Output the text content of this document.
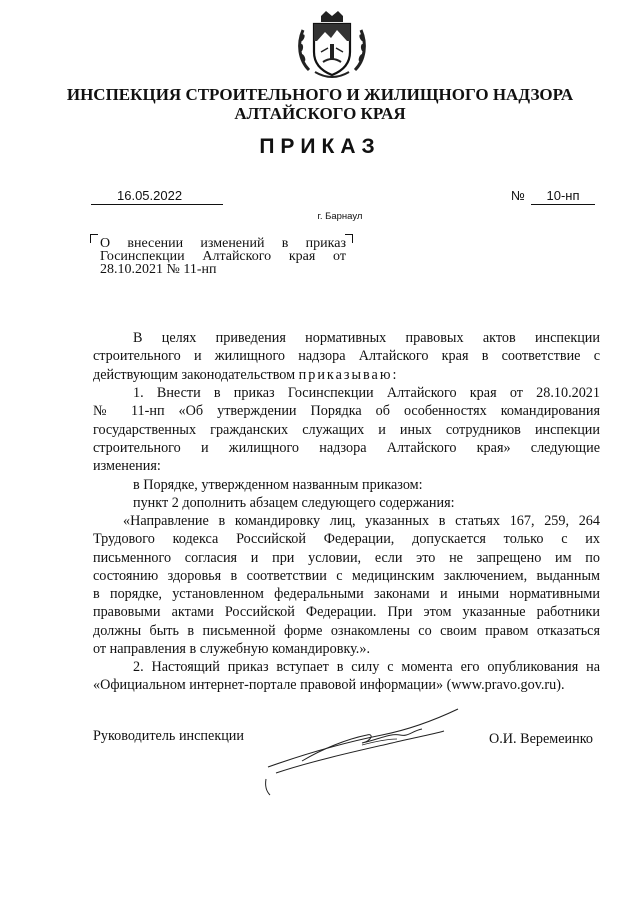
ИНСПЕКЦИЯ СТРОИТЕЛЬНОГО И ЖИЛИЩНОГО НАДЗОРА
АЛТАЙСКОГО КРАЯ
ПРИКАЗ
16.05.2022	№	10-нп
г. Барнаул
О внесении изменений в приказ
Госинспекции Алтайского края от
28.10.2021 № 11-нп
В целях приведения нормативных правовых актов инспекции
строительного и жилищного надзора Алтайского края в соответствие с
действующим законодательством приказываю:
1. Внести в приказ Госинспекции Алтайского края от 28.10.2021
№ 11-нп «Об утверждении Порядка об особенностях командирования
государственных гражданских служащих и иных сотрудников инспекции
строительного и жилищного надзора Алтайского края» следующие
изменения:
в Порядке, утвержденном названным приказом:
пункт 2 дополнить абзацем следующего содержания:
«Направление в командировку лиц, указанных в статьях 167, 259, 264
Трудового кодекса Российской Федерации, допускается только с их
письменного согласия и при условии, если это не запрещено им по
состоянию здоровья в соответствии с медицинским заключением, выданным
в порядке, установленном федеральными законами и иными нормативными
правовыми актами Российской Федерации. При этом указанные работники
должны быть в письменной форме ознакомлены со своим правом отказаться
от направления в служебную командировку.».
2. Настоящий приказ вступает в силу с момента его опубликования на
«Официальном интернет-портале правовой информации» (www.pravo.gov.ru).
Руководитель инспекции	О.И. Веремеинко
